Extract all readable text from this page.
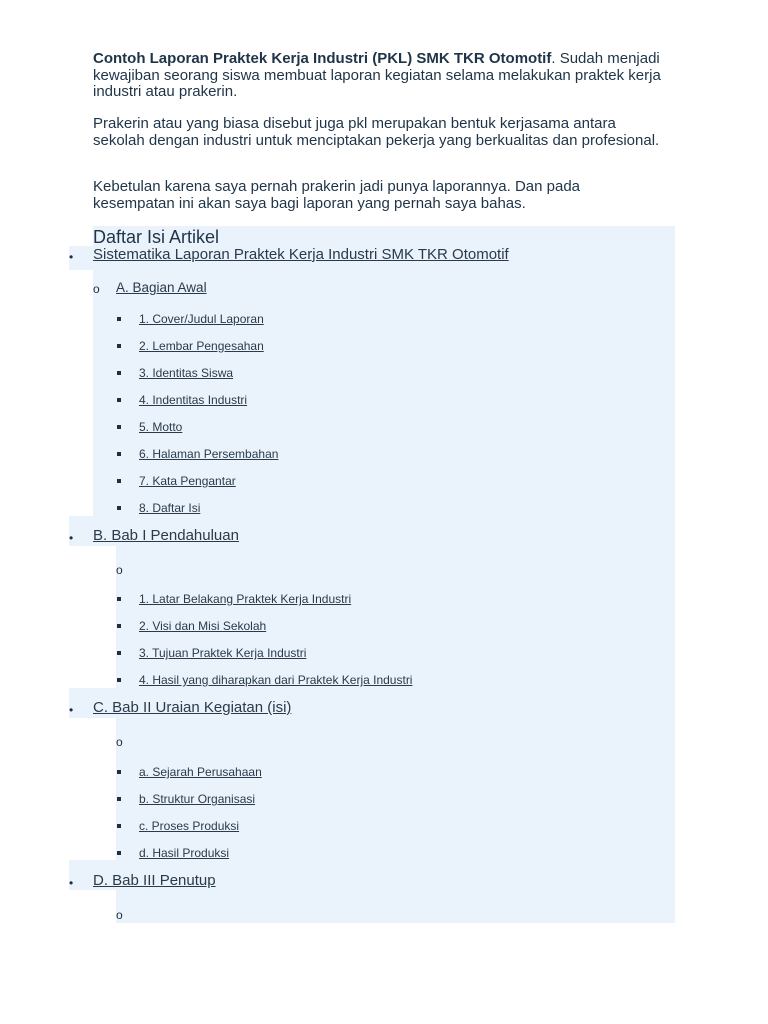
Contoh Laporan Praktek Kerja Industri (PKL) SMK TKR Otomotif. Sudah menjadi kewajiban seorang siswa membuat laporan kegiatan selama melakukan praktek kerja industri atau prakerin.

Prakerin atau yang biasa disebut juga pkl merupakan bentuk kerjasama antara sekolah dengan industri untuk menciptakan pekerja yang berkualitas dan profesional.

Kebetulan karena saya pernah prakerin jadi punya laporannya. Dan pada kesempatan ini akan saya bagi laporan yang pernah saya bahas.

Daftar Isi Artikel
• Sistematika Laporan Praktek Kerja Industri SMK TKR Otomotif
o A. Bagian Awal
1. Cover/Judul Laporan
2. Lembar Pengesahan
3. Identitas Siswa
4. Indentitas Industri
5. Motto
6. Halaman Persembahan
7. Kata Pengantar
8. Daftar Isi
• B. Bab I Pendahuluan
o
1. Latar Belakang Praktek Kerja Industri
2. Visi dan Misi Sekolah
3. Tujuan Praktek Kerja Industri
4. Hasil yang diharapkan dari Praktek Kerja Industri
• C. Bab II Uraian Kegiatan (isi)
o
a. Sejarah Perusahaan
b. Struktur Organisasi
c. Proses Produksi
d. Hasil Produksi
• D. Bab III Penutup
o
